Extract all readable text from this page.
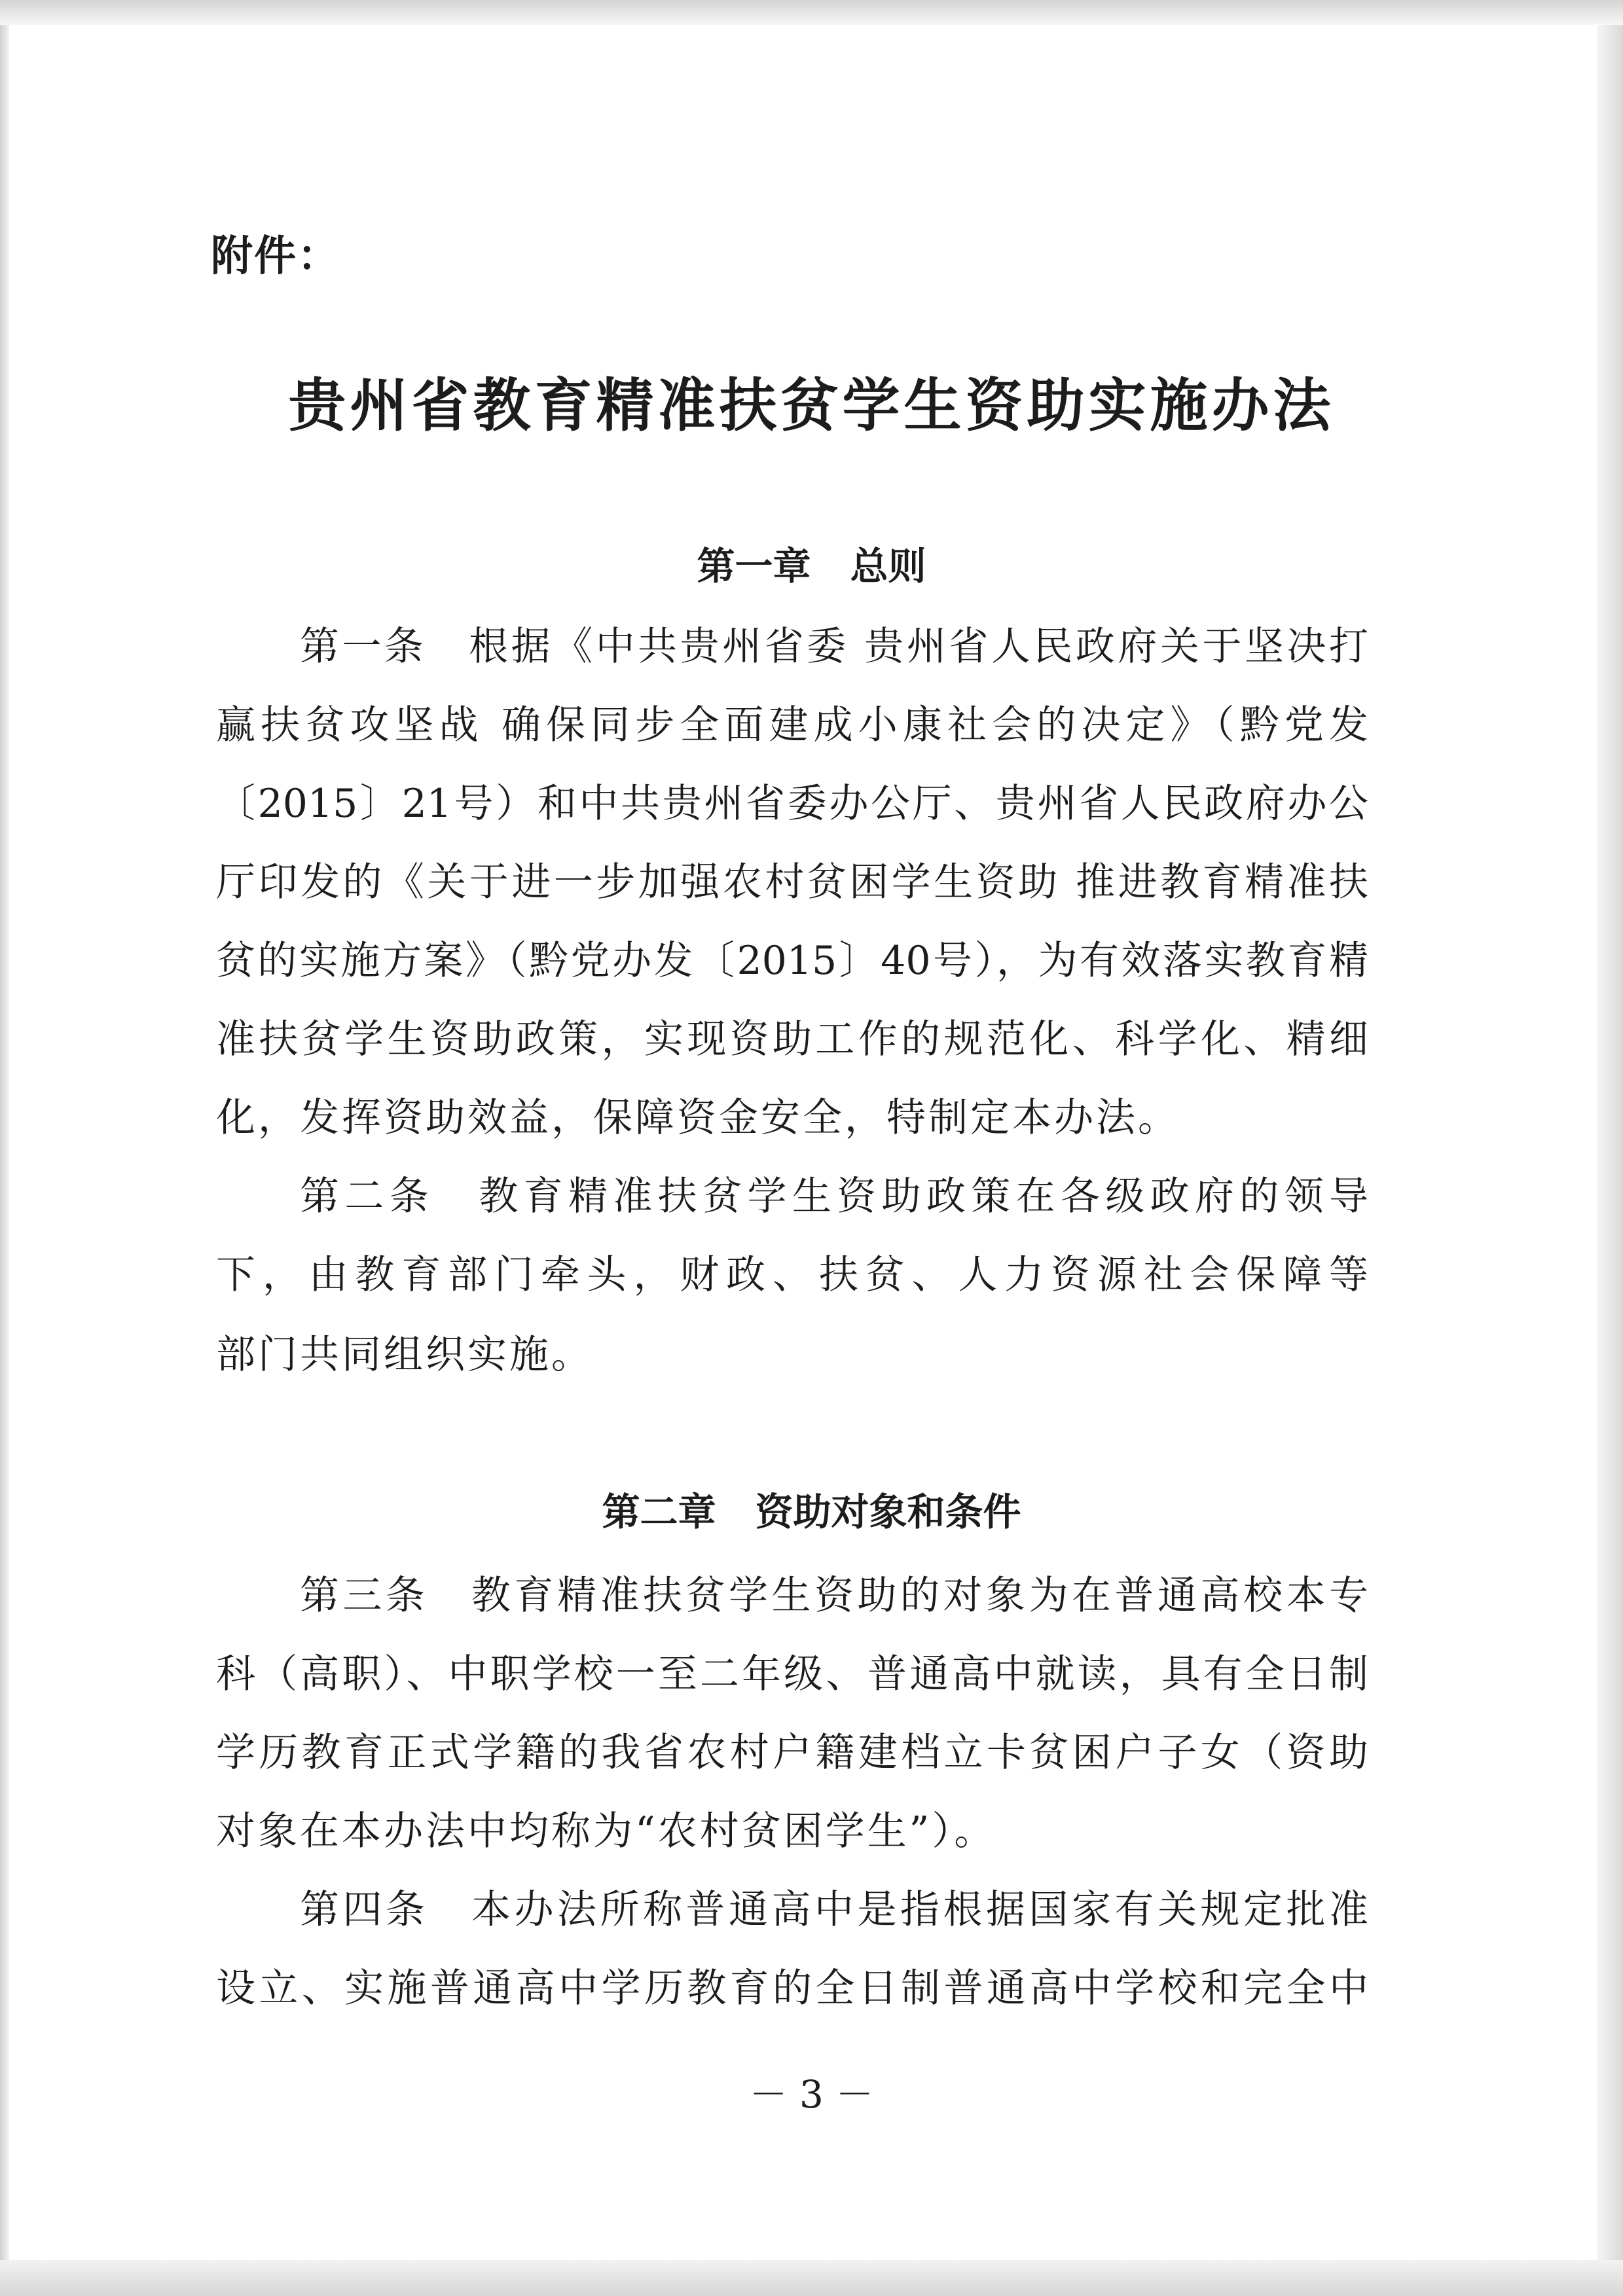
附件：
贵州省教育精准扶贫学生资助实施办法
第一章 总则
第一条　根据《中共贵州省委 贵州省人民政府关于坚决打
赢扶贫攻坚战 确保同步全面建成小康社会的决定》（黔党发
〔2015〕21号）和中共贵州省委办公厅、贵州省人民政府办公
厅印发的《关于进一步加强农村贫困学生资助 推进教育精准扶
贫的实施方案》（黔党办发〔2015〕40号），为有效落实教育精
准扶贫学生资助政策，实现资助工作的规范化、科学化、精细
化，发挥资助效益，保障资金安全，特制定本办法。
第二条　教育精准扶贫学生资助政策在各级政府的领导
下，由教育部门牵头，财政、扶贫、人力资源社会保障等
部门共同组织实施。
第二章 资助对象和条件
第三条　教育精准扶贫学生资助的对象为在普通高校本专
科（高职）、中职学校一至二年级、普通高中就读，具有全日制
学历教育正式学籍的我省农村户籍建档立卡贫困户子女（资助
对象在本办法中均称为“农村贫困学生”）。
第四条　本办法所称普通高中是指根据国家有关规定批准
设立、实施普通高中学历教育的全日制普通高中学校和完全中
－ 3 －
